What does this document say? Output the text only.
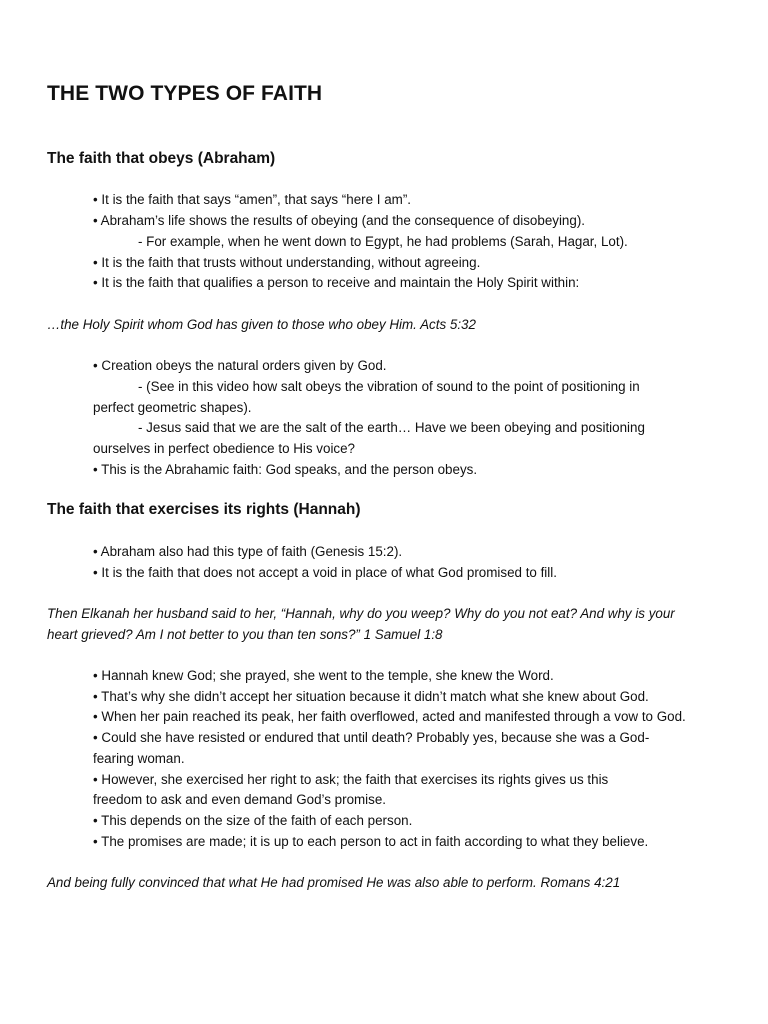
THE TWO TYPES OF FAITH
The faith that obeys (Abraham)

• It is the faith that says “amen”, that says “here I am”.

• Abraham’s life shows the results of obeying (and the consequence of disobeying).

- For example, when he went down to Egypt, he had problems (Sarah, Hagar, Lot).

• It is the faith that trusts without understanding, without agreeing.

• It is the faith that qualifies a person to receive and maintain the Holy Spirit within:

…the Holy Spirit whom God has given to those who obey Him. Acts 5:32

• Creation obeys the natural orders given by God.

- (See in this video how salt obeys the vibration of sound to the point of positioning in

perfect geometric shapes).

- Jesus said that we are the salt of the earth… Have we been obeying and positioning

ourselves in perfect obedience to His voice?

• This is the Abrahamic faith: God speaks, and the person obeys.

The faith that exercises its rights (Hannah)

• Abraham also had this type of faith (Genesis 15:2).

• It is the faith that does not accept a void in place of what God promised to fill.

Then Elkanah her husband said to her, “Hannah, why do you weep? Why do you not eat? And why is your

heart grieved? Am I not better to you than ten sons?” 1 Samuel 1:8

• Hannah knew God; she prayed, she went to the temple, she knew the Word.

• That’s why she didn’t accept her situation because it didn’t match what she knew about God.

• When her pain reached its peak, her faith overflowed, acted and manifested through a vow to God.

• Could she have resisted or endured that until death? Probably yes, because she was a God-

fearing woman.

• However, she exercised her right to ask; the faith that exercises its rights gives us this

freedom to ask and even demand God’s promise.

• This depends on the size of the faith of each person.

• The promises are made; it is up to each person to act in faith according to what they believe.

And being fully convinced that what He had promised He was also able to perform. Romans 4:21
